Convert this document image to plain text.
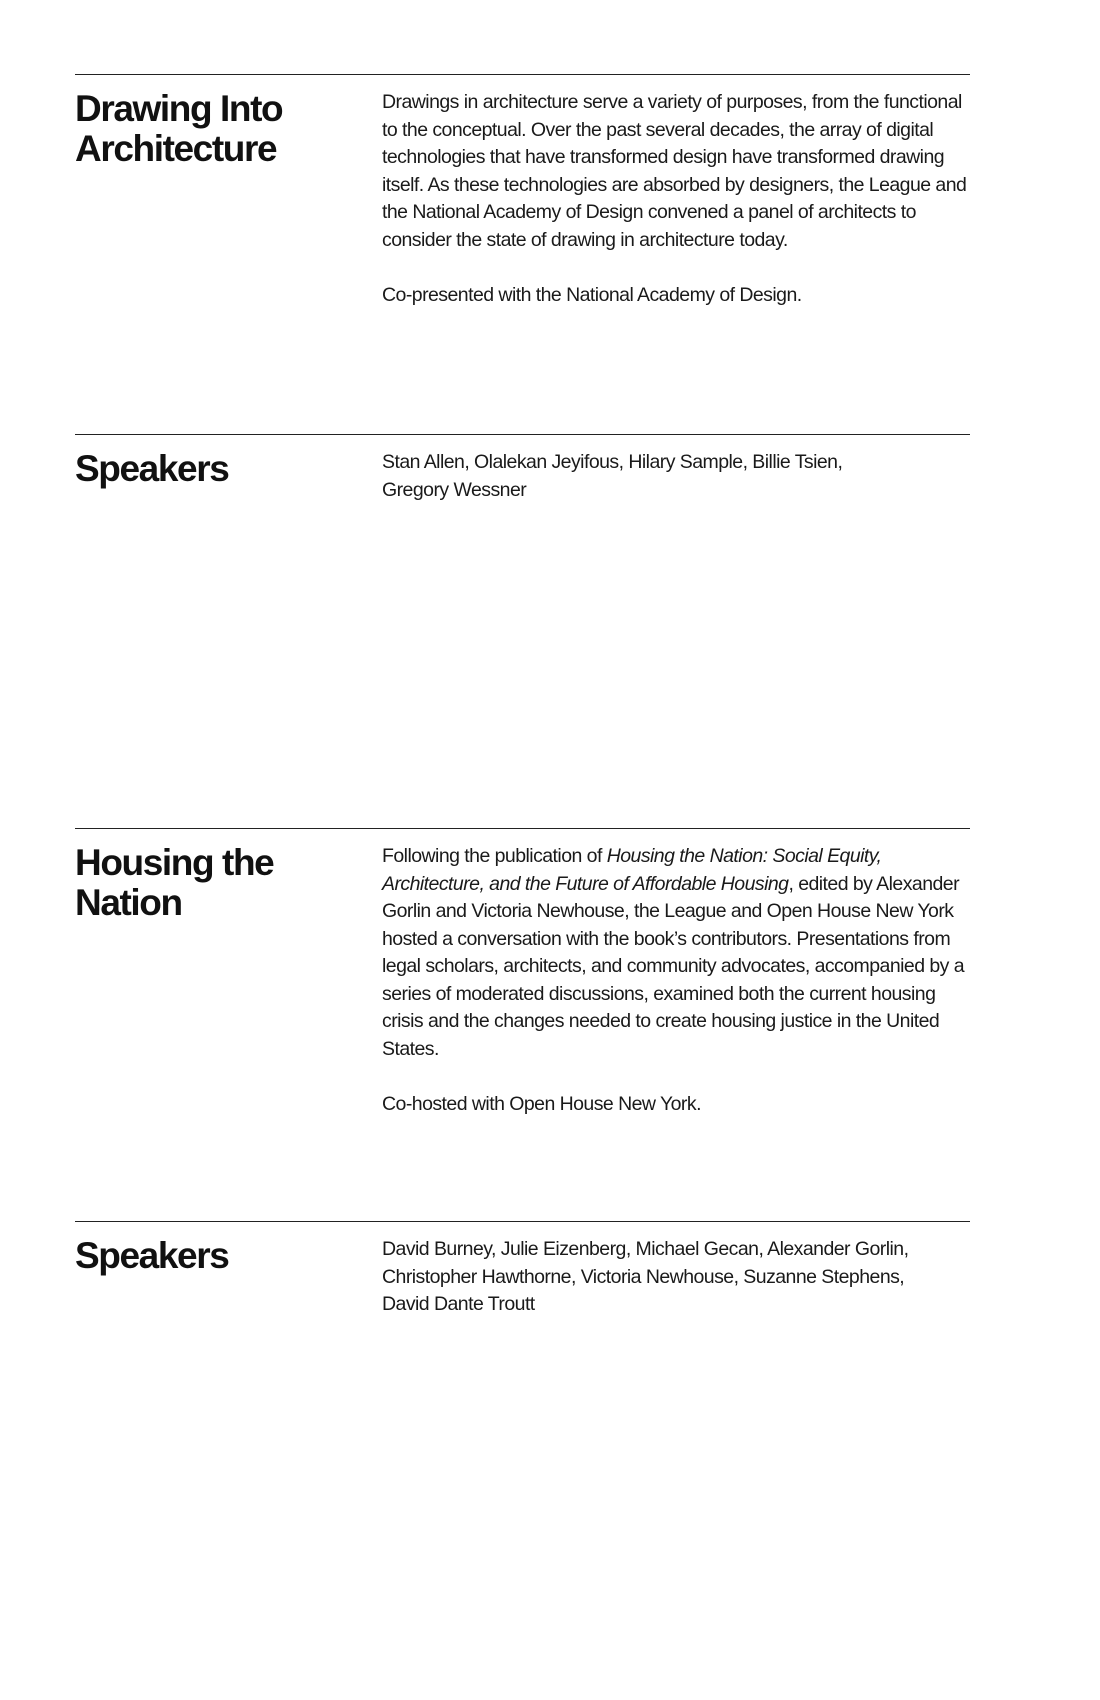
Drawing Into
Architecture

Drawings in architecture serve a variety of purposes, from the functional to the conceptual. Over the past several decades, the array of digital technologies that have transformed design have transformed drawing itself. As these technologies are absorbed by designers, the League and the National Academy of Design convened a panel of architects to consider the state of drawing in architecture today.

Co-presented with the National Academy of Design.

Speakers	Stan Allen, Olalekan Jeyifous, Hilary Sample, Billie Tsien,
Gregory Wessner

Housing the
Nation

Following the publication of Housing the Nation: Social Equity, Architecture, and the Future of Affordable Housing, edited by Alexander Gorlin and Victoria Newhouse, the League and Open House New York hosted a conversation with the book’s contributors. Presentations from legal scholars, architects, and community advocates, accompanied by a series of moderated discussions, examined both the current housing crisis and the changes needed to create housing justice in the United States.

Co-hosted with Open House New York.

Speakers	David Burney, Julie Eizenberg, Michael Gecan, Alexander Gorlin,
Christopher Hawthorne, Victoria Newhouse, Suzanne Stephens,
David Dante Troutt
